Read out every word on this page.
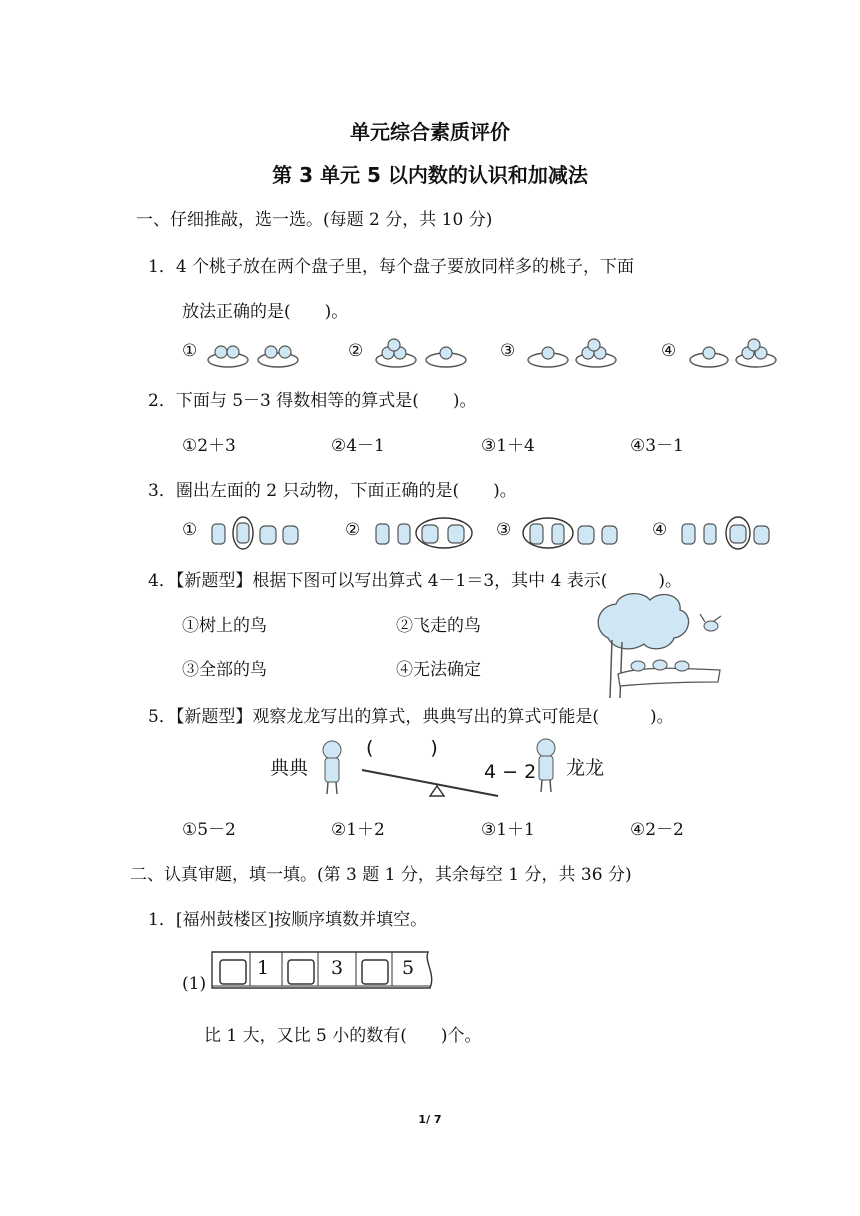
单元综合素质评价
第 3 单元 5 以内数的认识和加减法
一、仔细推敲，选一选。(每题 2 分，共 10 分)
1．4 个桃子放在两个盘子里，每个盘子要放同样多的桃子，下面
放法正确的是(　　)。
①	②	③	④
2．下面与 5－3 得数相等的算式是(　　)。
①2＋3	②4－1	③1＋4	④3－1
3．圈出左面的 2 只动物，下面正确的是(　　)。
①	②	③	④
4．【新题型】根据下图可以写出算式 4－1＝3，其中 4 表示(　　　)。
①树上的鸟	②飞走的鸟
③全部的鸟	④无法确定
5．【新题型】观察龙龙写出的算式，典典写出的算式可能是(　　　)。
典典
(　　　)
4 − 2 龙龙
①5－2	②1＋2	③1＋1	④2－2
二、认真审题，填一填。(第 3 题 1 分，其余每空 1 分，共 36 分)
1．[福州鼓楼区]按顺序填数并填空。
(1)
1	3	5
比 1 大，又比 5 小的数有(　　)个。
1/ 7
